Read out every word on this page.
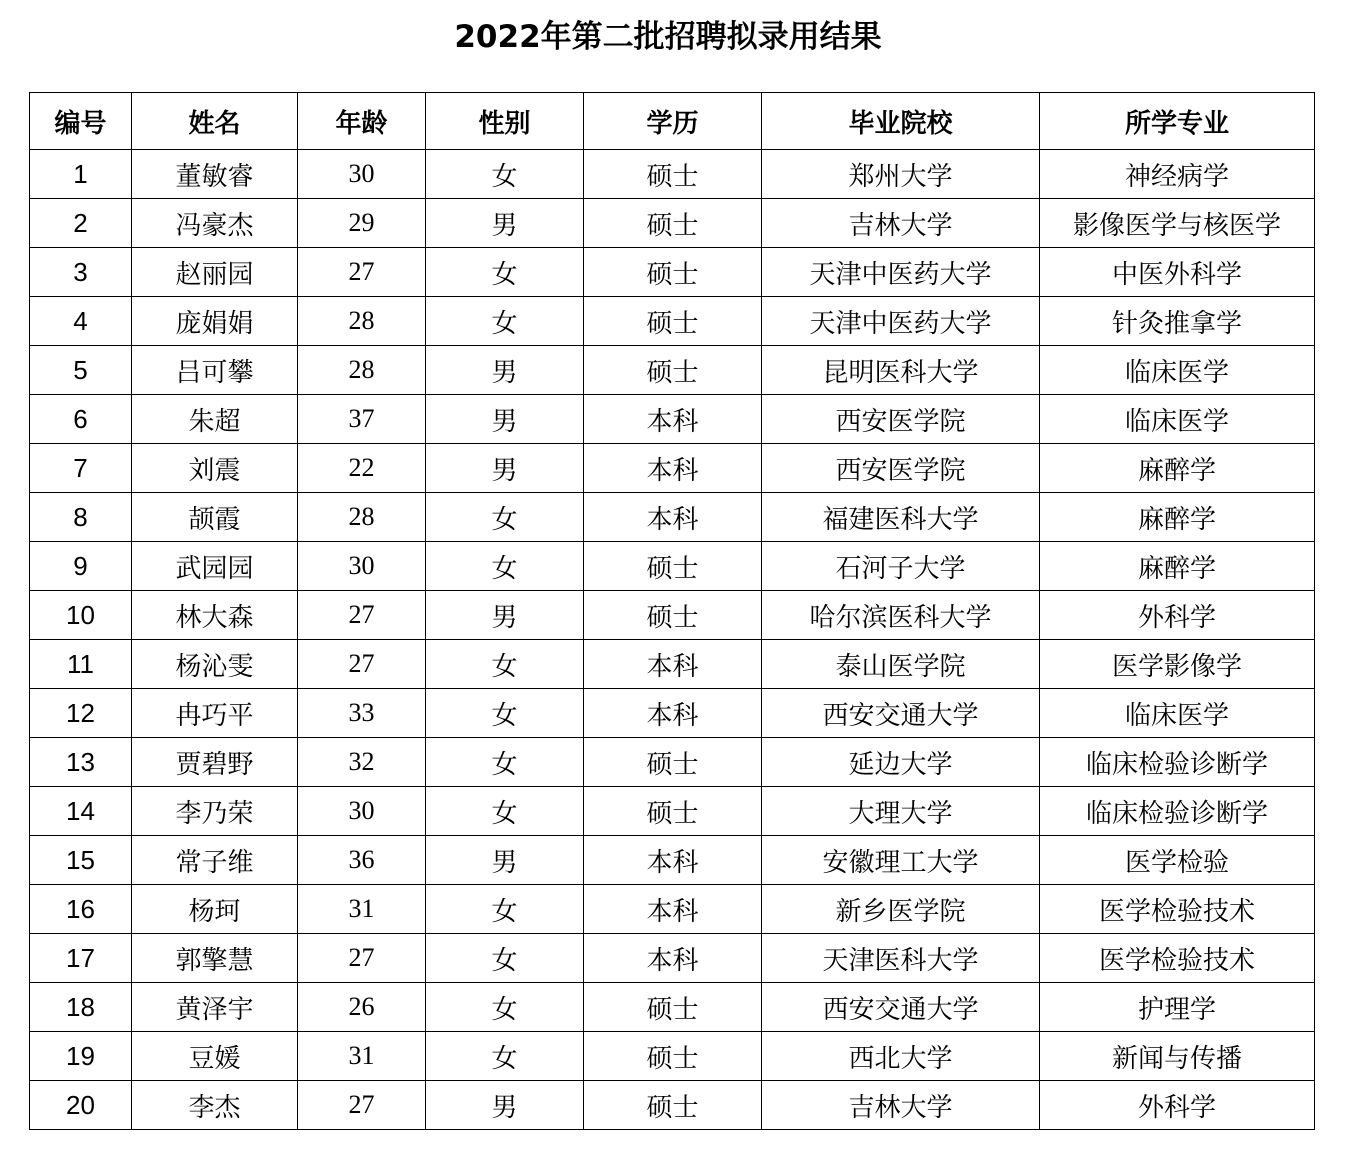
2022年第二批招聘拟录用结果
编号	姓名	年龄	性别	学历	毕业院校	所学专业
1	董敏睿	30	女	硕士	郑州大学	神经病学
2	冯豪杰	29	男	硕士	吉林大学	影像医学与核医学
3	赵丽园	27	女	硕士	天津中医药大学	中医外科学
4	庞娟娟	28	女	硕士	天津中医药大学	针灸推拿学
5	吕可攀	28	男	硕士	昆明医科大学	临床医学
6	朱超	37	男	本科	西安医学院	临床医学
7	刘震	22	男	本科	西安医学院	麻醉学
8	颉霞	28	女	本科	福建医科大学	麻醉学
9	武园园	30	女	硕士	石河子大学	麻醉学
10	林大森	27	男	硕士	哈尔滨医科大学	外科学
11	杨沁雯	27	女	本科	泰山医学院	医学影像学
12	冉巧平	33	女	本科	西安交通大学	临床医学
13	贾碧野	32	女	硕士	延边大学	临床检验诊断学
14	李乃荣	30	女	硕士	大理大学	临床检验诊断学
15	常子维	36	男	本科	安徽理工大学	医学检验
16	杨珂	31	女	本科	新乡医学院	医学检验技术
17	郭擎慧	27	女	本科	天津医科大学	医学检验技术
18	黄泽宇	26	女	硕士	西安交通大学	护理学
19	豆媛	31	女	硕士	西北大学	新闻与传播
20	李杰	27	男	硕士	吉林大学	外科学
